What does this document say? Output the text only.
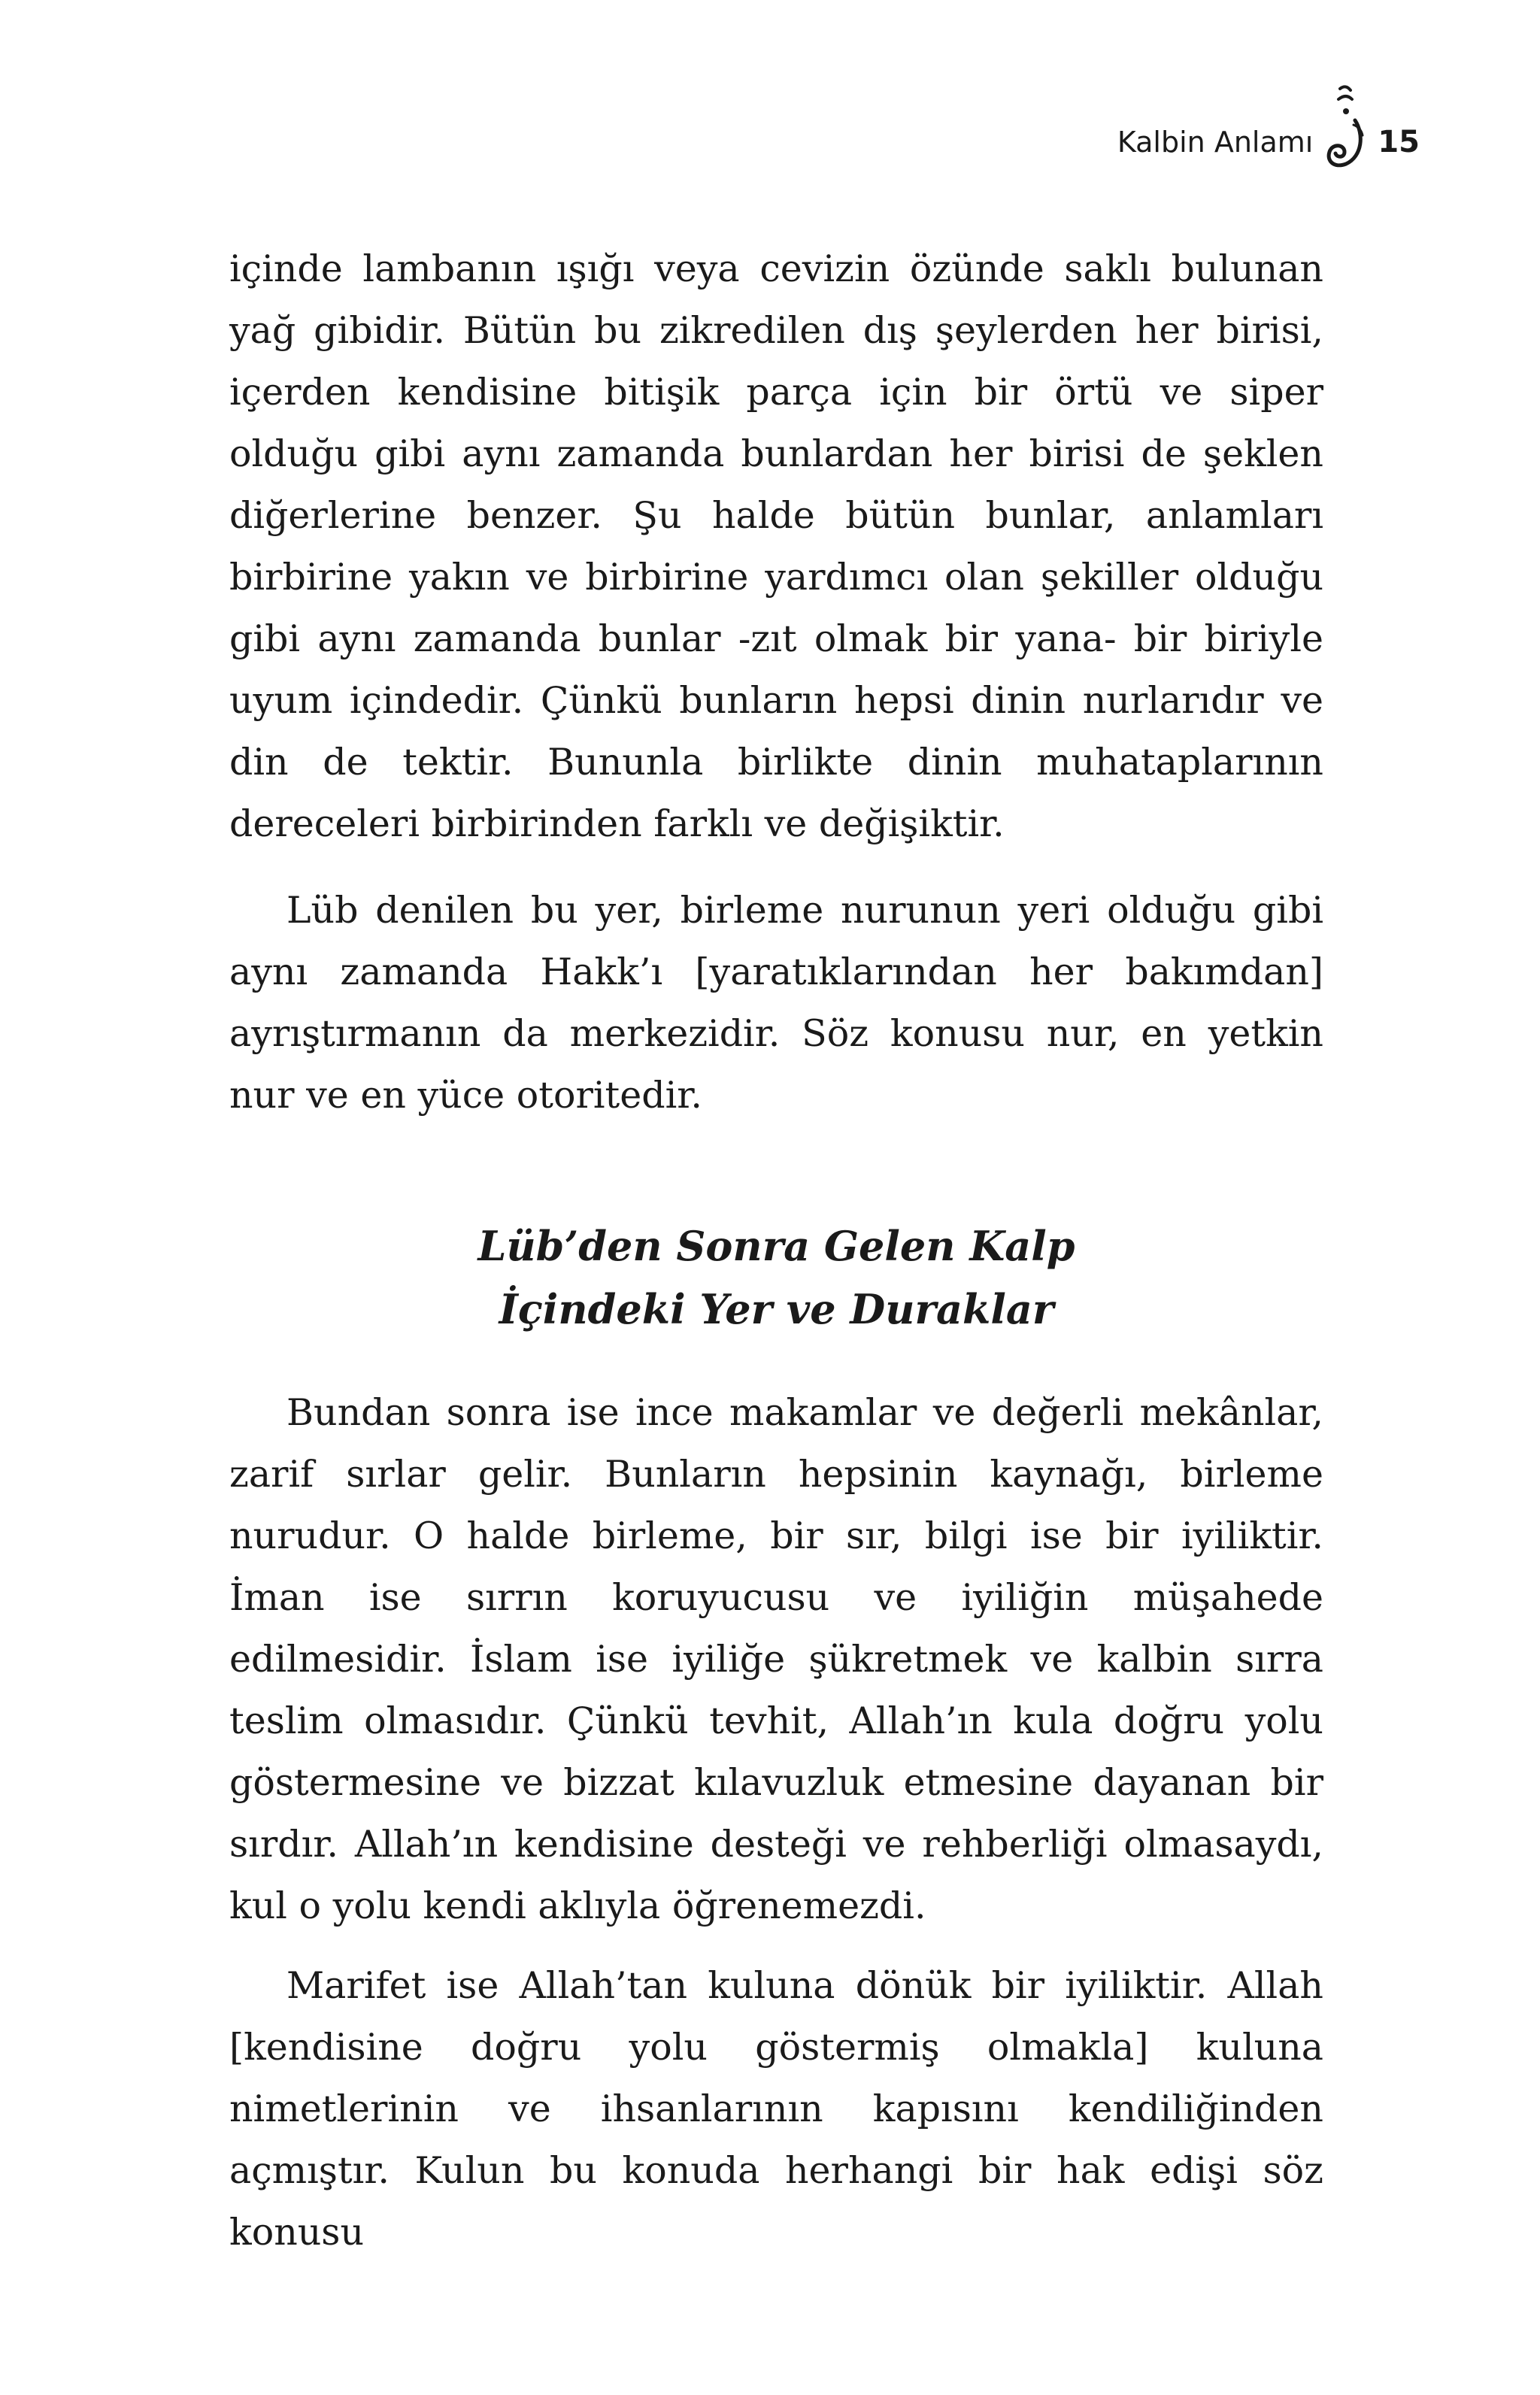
Kalbin Anlamı 15

içinde lambanın ışığı veya cevizin özünde saklı bulunan yağ gibidir. Bütün bu zikredilen dış şeylerden her birisi, içerden kendisine bitişik parça için bir örtü ve siper olduğu gibi aynı zamanda bunlardan her birisi de şeklen diğerlerine benzer. Şu halde bütün bunlar, anlamları birbirine yakın ve birbirine yardımcı olan şekiller olduğu gibi aynı zamanda bunlar -zıt olmak bir yana- bir biriyle uyum içindedir. Çünkü bunların hepsi dinin nurlarıdır ve din de tektir. Bununla birlikte dinin muhataplarının dereceleri birbirinden farklı ve değişiktir.

Lüb denilen bu yer, birleme nurunun yeri olduğu gibi aynı zamanda Hakk’ı [yaratıklarından her bakımdan] ayrıştırmanın da merkezidir. Söz konusu nur, en yetkin nur ve en yüce otoritedir.

Lüb’den Sonra Gelen Kalp
İçindeki Yer ve Duraklar

Bundan sonra ise ince makamlar ve değerli mekânlar, zarif sırlar gelir. Bunların hepsinin kaynağı, birleme nurudur. O halde birleme, bir sır, bilgi ise bir iyiliktir. İman ise sırrın koruyucusu ve iyiliğin müşahede edilmesidir. İslam ise iyiliğe şükretmek ve kalbin sırra teslim olmasıdır. Çünkü tevhit, Allah’ın kula doğru yolu göstermesine ve bizzat kılavuzluk etmesine dayanan bir sırdır. Allah’ın kendisine desteği ve rehberliği olmasaydı, kul o yolu kendi aklıyla öğrenemezdi.

Marifet ise Allah’tan kuluna dönük bir iyiliktir. Allah [kendisine doğru yolu göstermiş olmakla] kuluna nimetlerinin ve ihsanlarının kapısını kendiliğinden açmıştır. Kulun bu konuda herhangi bir hak edişi söz konusu
